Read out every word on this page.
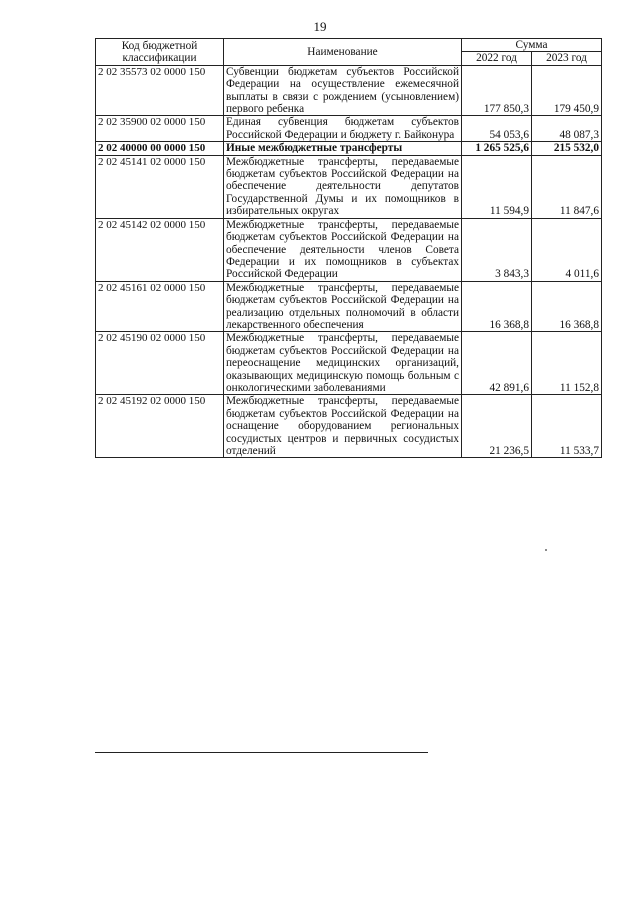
19
Код бюджетной классификации	Наименование	Сумма	
		2022 год	2023 год
2 02 35573 02 0000 150	Субвенции бюджетам субъектов Российской Федерации на осуществление ежемесячной выплаты в связи с рождением (усыновлением) первого ребенка	177 850,3	179 450,9
2 02 35900 02 0000 150	Единая субвенция бюджетам субъектов Российской Федерации и бюджету г. Байконура	54 053,6	48 087,3
2 02 40000 00 0000 150	Иные межбюджетные трансферты	1 265 525,6	215 532,0
2 02 45141 02 0000 150	Межбюджетные трансферты, передаваемые бюджетам субъектов Российской Федерации на обеспечение деятельности депутатов Государственной Думы и их помощников в избирательных округах	11 594,9	11 847,6
2 02 45142 02 0000 150	Межбюджетные трансферты, передаваемые бюджетам субъектов Российской Федерации на обеспечение деятельности членов Совета Федерации и их помощников в субъектах Российской Федерации	3 843,3	4 011,6
2 02 45161 02 0000 150	Межбюджетные трансферты, передаваемые бюджетам субъектов Российской Федерации на реализацию отдельных полномочий в области лекарственного обеспечения	16 368,8	16 368,8
2 02 45190 02 0000 150	Межбюджетные трансферты, передаваемые бюджетам субъектов Российской Федерации на переоснащение медицинских организаций, оказывающих медицинскую помощь больным с онкологическими заболеваниями	42 891,6	11 152,8
2 02 45192 02 0000 150	Межбюджетные трансферты, передаваемые бюджетам субъектов Российской Федерации на оснащение оборудованием региональных сосудистых центров и первичных сосудистых отделений	21 236,5	11 533,7
